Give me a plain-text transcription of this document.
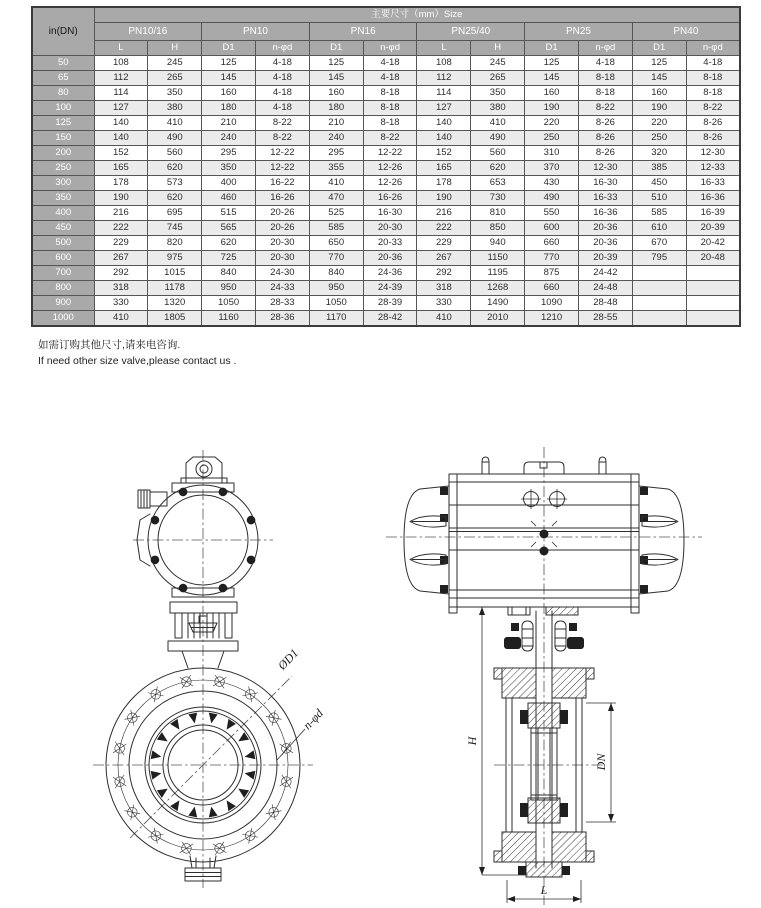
in(DN)	主要尺寸（mm）Size											
	PN10/16		PN10		PN16		PN25/40		PN25		PN40	
	L	H	D1	n-φd	D1	n-φd	L	H	D1	n-φd	D1	n-φd
50	108	245	125	4-18	125	4-18	108	245	125	4-18	125	4-18
65	112	265	145	4-18	145	4-18	112	265	145	8-18	145	8-18
80	114	350	160	4-18	160	8-18	114	350	160	8-18	160	8-18
100	127	380	180	4-18	180	8-18	127	380	190	8-22	190	8-22
125	140	410	210	8-22	210	8-18	140	410	220	8-26	220	8-26
150	140	490	240	8-22	240	8-22	140	490	250	8-26	250	8-26
200	152	560	295	12-22	295	12-22	152	560	310	8-26	320	12-30
250	165	620	350	12-22	355	12-26	165	620	370	12-30	385	12-33
300	178	573	400	16-22	410	12-26	178	653	430	16-30	450	16-33
350	190	620	460	16-26	470	16-26	190	730	490	16-33	510	16-36
400	216	695	515	20-26	525	16-30	216	810	550	16-36	585	16-39
450	222	745	565	20-26	585	20-30	222	850	600	20-36	610	20-39
500	229	820	620	20-30	650	20-33	229	940	660	20-36	670	20-42
600	267	975	725	20-30	770	20-36	267	1150	770	20-39	795	20-48
700	292	1015	840	24-30	840	24-36	292	1195	875	24-42		
800	318	1178	950	24-33	950	24-39	318	1268	660	24-48		
900	330	1320	1050	28-33	1050	28-39	330	1490	1090	28-48		
1000	410	1805	1160	28-36	1170	28-42	410	2010	1210	28-55		
如需订购其他尺寸,请来电咨询.
If need other size valve,please contact us .
ØD1
n-φd
H
DN
L
